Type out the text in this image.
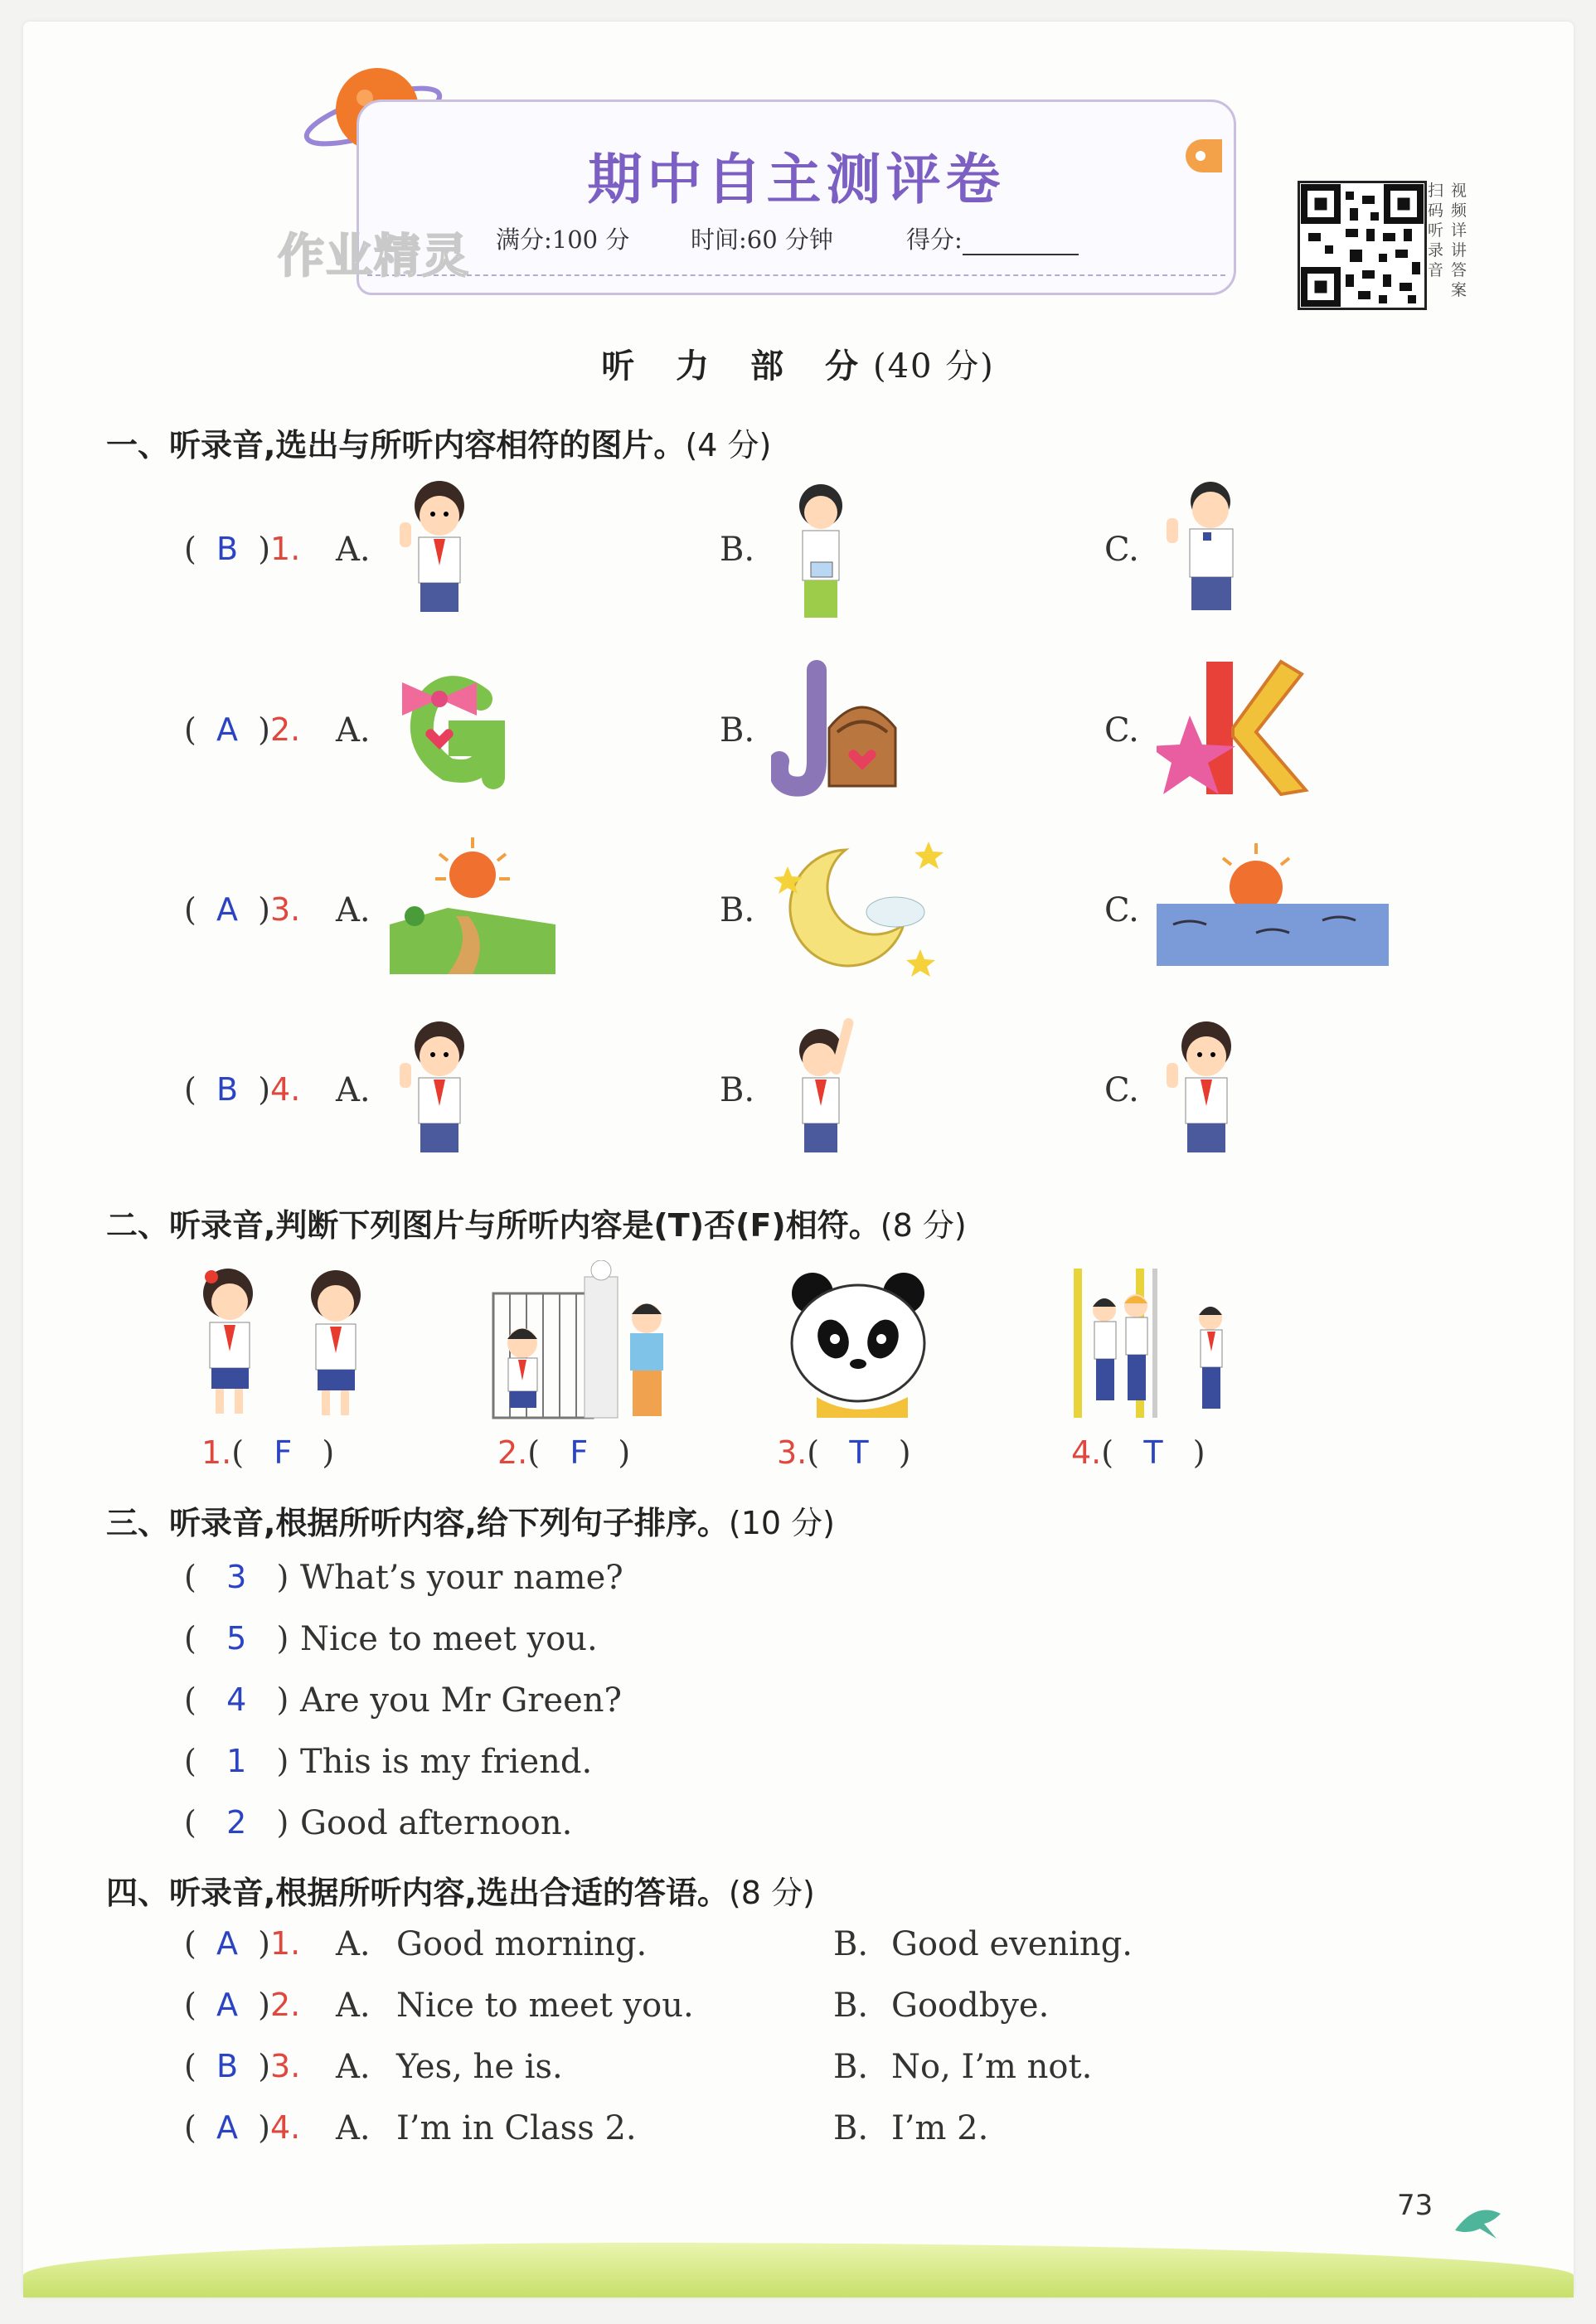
期中自主测评卷
满分:100 分	时间:60 分钟	得分:
作业精灵
扫码听录音
视频详讲答案
听 力 部 分(40 分)
一、听录音,选出与所听内容相符的图片。(4 分)
(  B  )1. A.	B.	C.
(  A  )2. A.	B.	C.
(  A  )3. A.	B.	C.
(  B  )4. A.	B.	C.
二、听录音,判断下列图片与所听内容是(T)否(F)相符。(8 分)
1.(   F   )	2.(   F   )	3.(   T   )	4.(   T   )
三、听录音,根据所听内容,给下列句子排序。(10 分)
(   3   ) What’s your name?
(   5   ) Nice to meet you.
(   4   ) Are you Mr Green?
(   1   ) This is my friend.
(   2   ) Good afternoon.
四、听录音,根据所听内容,选出合适的答语。(8 分)
(  A  )1. A. Good morning.	B. Good evening.
(  A  )2. A. Nice to meet you.	B. Goodbye.
(  B  )3. A. Yes, he is.	B. No, I’m not.
(  A  )4. A. I’m in Class 2.	B. I’m 2.
73
